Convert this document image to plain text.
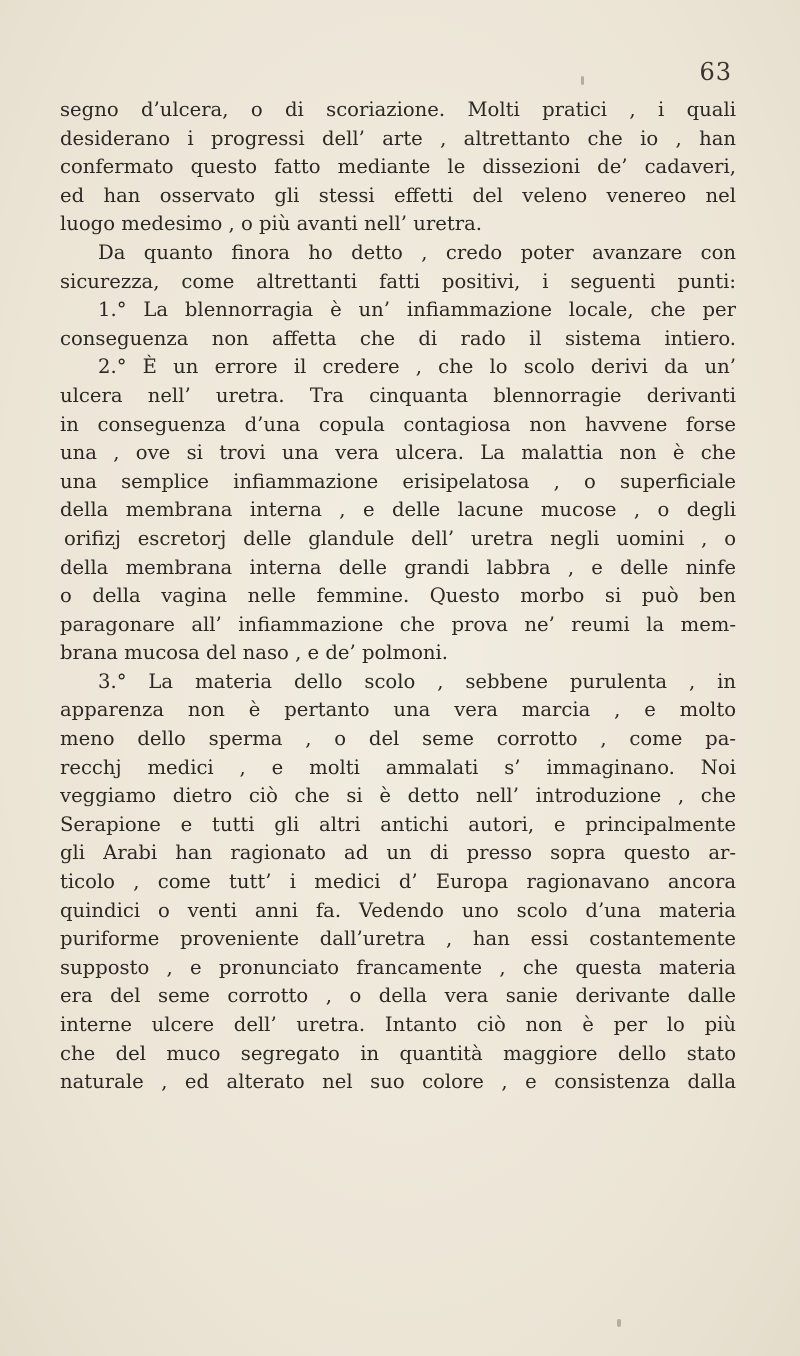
63
segno d’ulcera, o di scoriazione. Molti pratici , i quali
desiderano i progressi dell’ arte , altrettanto che io , han
confermato questo fatto mediante le dissezioni de’ cadaveri,
ed han osservato gli stessi effetti del veleno venereo nel
luogo medesimo , o più avanti nell’ uretra.
Da quanto finora ho detto , credo poter avanzare con
sicurezza, come altrettanti fatti positivi, i seguenti punti:
1.° La blennorragia è un’ infiammazione locale, che per
conseguenza non affetta che di rado il sistema intiero.
2.° È un errore il credere , che lo scolo derivi da un’
ulcera nell’ uretra. Tra cinquanta blennorragie derivanti
in conseguenza d’una copula contagiosa non havvene forse
una , ove si trovi una vera ulcera. La malattia non è che
una semplice infiammazione erisipelatosa , o superficiale
della membrana interna , e delle lacune mucose , o degli
orifizj escretorj delle glandule dell’ uretra negli uomini , o
della membrana interna delle grandi labbra , e delle ninfe
o della vagina nelle femmine. Questo morbo si può ben
paragonare all’ infiammazione che prova ne’ reumi la mem-
brana mucosa del naso , e de’ polmoni.
3.° La materia dello scolo , sebbene purulenta , in
apparenza non è pertanto una vera marcia , e molto
meno dello sperma , o del seme corrotto , come pa-
recchj medici , e molti ammalati s’ immaginano. Noi
veggiamo dietro ciò che si è detto nell’ introduzione , che
Serapione e tutti gli altri antichi autori, e principalmente
gli Arabi han ragionato ad un di presso sopra questo ar-
ticolo , come tutt’ i medici d’ Europa ragionavano ancora
quindici o venti anni fa. Vedendo uno scolo d’una materia
puriforme proveniente dall’uretra , han essi costantemente
supposto , e pronunciato francamente , che questa materia
era del seme corrotto , o della vera sanie derivante dalle
interne ulcere dell’ uretra. Intanto ciò non è per lo più
che del muco segregato in quantità maggiore dello stato
naturale , ed alterato nel suo colore , e consistenza dalla
